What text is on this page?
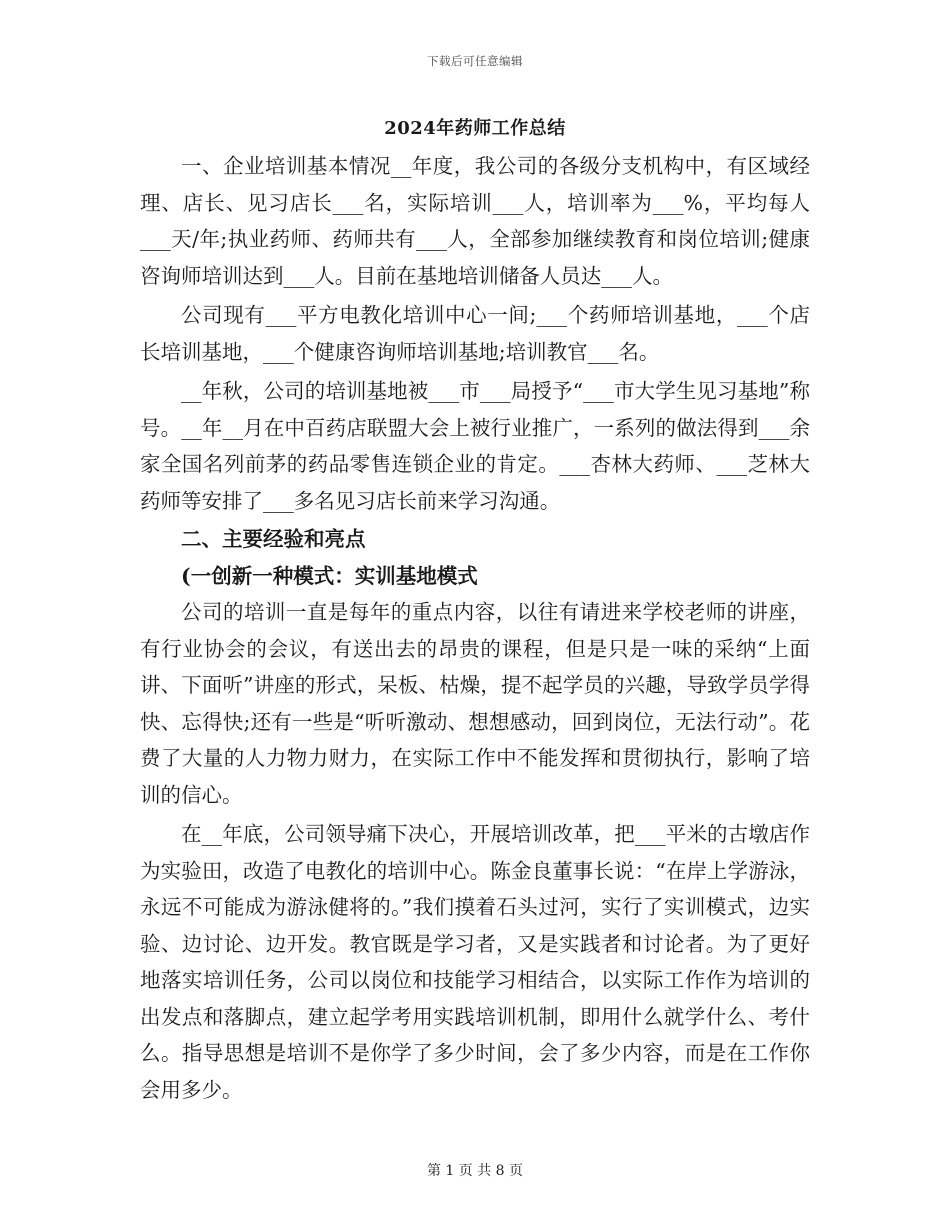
下载后可任意编辑
2024年药师工作总结

一、企业培训基本情况__年度，我公司的各级分支机构中，有区域经理、店长、见习店长___名，实际培训___人，培训率为___%，平均每人___天/年;执业药师、药师共有___人，全部参加继续教育和岗位培训;健康咨询师培训达到___人。目前在基地培训储备人员达___人。

公司现有___平方电教化培训中心一间;___个药师培训基地，___个店长培训基地，___个健康咨询师培训基地;培训教官___名。

__年秋，公司的培训基地被___市___局授予“___市大学生见习基地”称号。__年__月在中百药店联盟大会上被行业推广，一系列的做法得到___余家全国名列前茅的药品零售连锁企业的肯定。___杏林大药师、___芝林大药师等安排了___多名见习店长前来学习沟通。

二、主要经验和亮点

(一创新一种模式：实训基地模式

公司的培训一直是每年的重点内容，以往有请进来学校老师的讲座，有行业协会的会议，有送出去的昂贵的课程，但是只是一味的采纳“上面讲、下面听”讲座的形式，呆板、枯燥，提不起学员的兴趣，导致学员学得快、忘得快;还有一些是“听听激动、想想感动，回到岗位，无法行动”。花费了大量的人力物力财力，在实际工作中不能发挥和贯彻执行，影响了培训的信心。

在__年底，公司领导痛下决心，开展培训改革，把___平米的古墩店作为实验田，改造了电教化的培训中心。陈金良董事长说：“在岸上学游泳，永远不可能成为游泳健将的。”我们摸着石头过河，实行了实训模式，边实验、边讨论、边开发。教官既是学习者，又是实践者和讨论者。为了更好地落实培训任务，公司以岗位和技能学习相结合，以实际工作作为培训的出发点和落脚点，建立起学考用实践培训机制，即用什么就学什么、考什么。指导思想是培训不是你学了多少时间，会了多少内容，而是在工作你会用多少。

第 1 页 共 8 页
